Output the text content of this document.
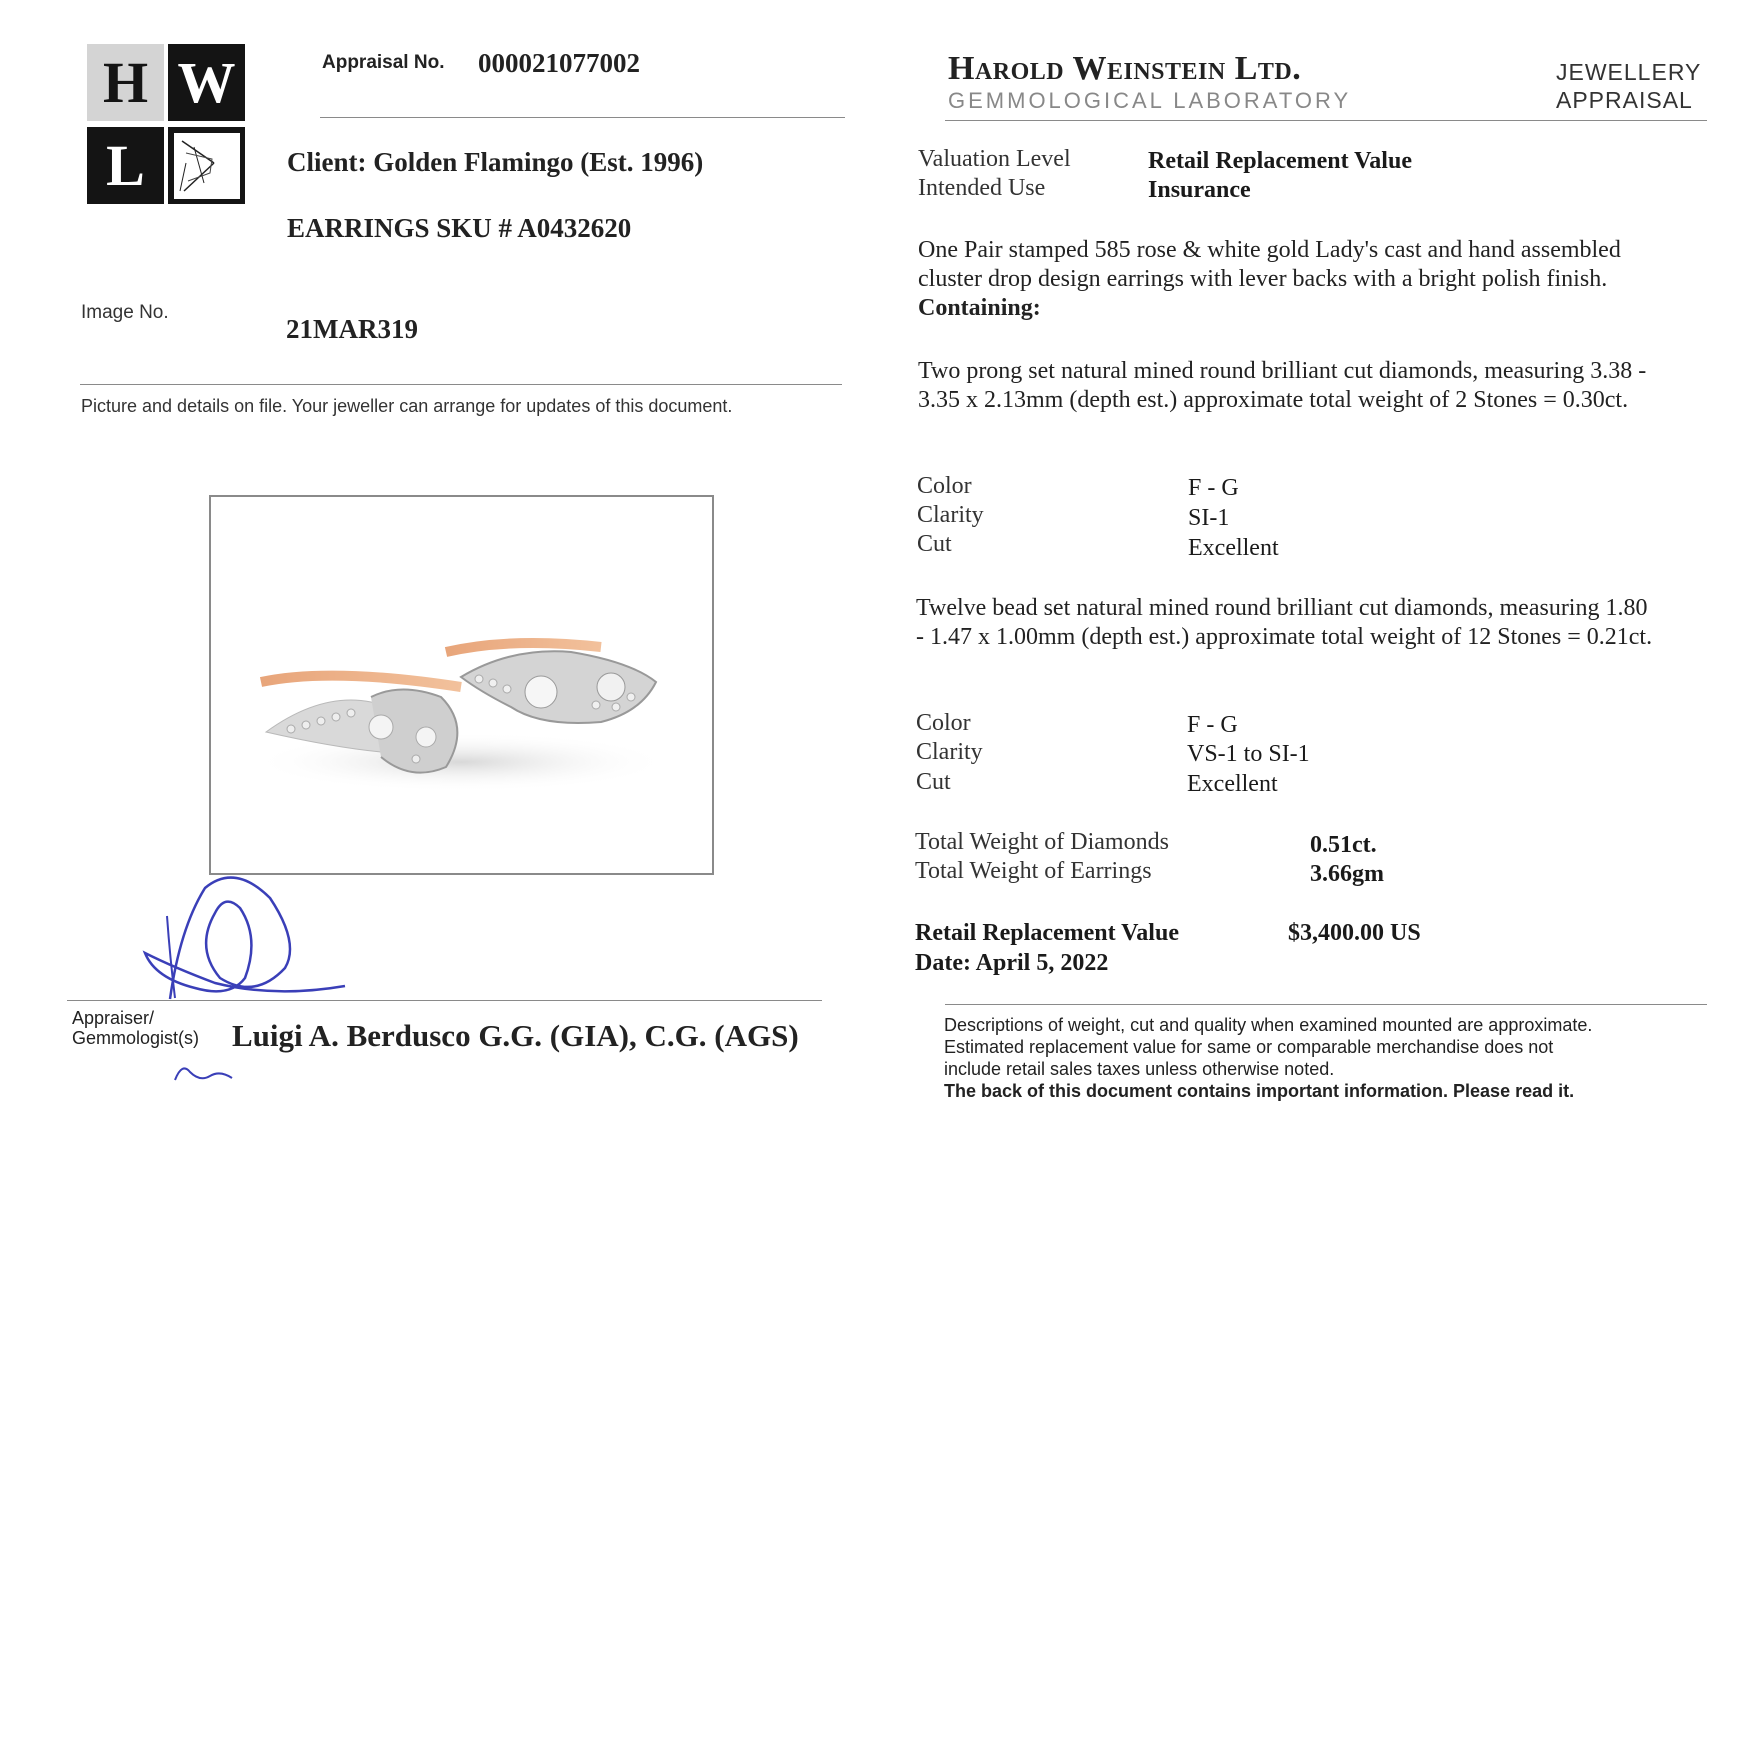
H W
L
Appraisal No. 000021077002
Client: Golden Flamingo (Est. 1996)
EARRINGS SKU # A0432620
Image No.
21MAR319
Picture and details on file. Your jeweller can arrange for updates of this document.
Appraiser/
Gemmologist(s) Luigi A. Berdusco G.G. (GIA), C.G. (AGS)
Harold Weinstein Ltd.
GEMMOLOGICAL LABORATORY
JEWELLERY
APPRAISAL
Valuation Level	Retail Replacement Value
Intended Use	Insurance
One Pair stamped 585 rose & white gold Lady's cast and hand assembled cluster drop design earrings with lever backs with a bright polish finish. Containing:
Two prong set natural mined round brilliant cut diamonds, measuring 3.38 - 3.35 x 2.13mm (depth est.) approximate total weight of 2 Stones = 0.30ct.
Color	F - G
Clarity	SI-1
Cut	Excellent
Twelve bead set natural mined round brilliant cut diamonds, measuring 1.80 - 1.47 x 1.00mm (depth est.) approximate total weight of 12 Stones = 0.21ct.
Color	F - G
Clarity	VS-1 to SI-1
Cut	Excellent
Total Weight of Diamonds	0.51ct.
Total Weight of Earrings	3.66gm
Retail Replacement Value	$3,400.00 US
Date: April 5, 2022
Descriptions of weight, cut and quality when examined mounted are approximate.
Estimated replacement value for same or comparable merchandise does not
include retail sales taxes unless otherwise noted.
The back of this document contains important information. Please read it.
